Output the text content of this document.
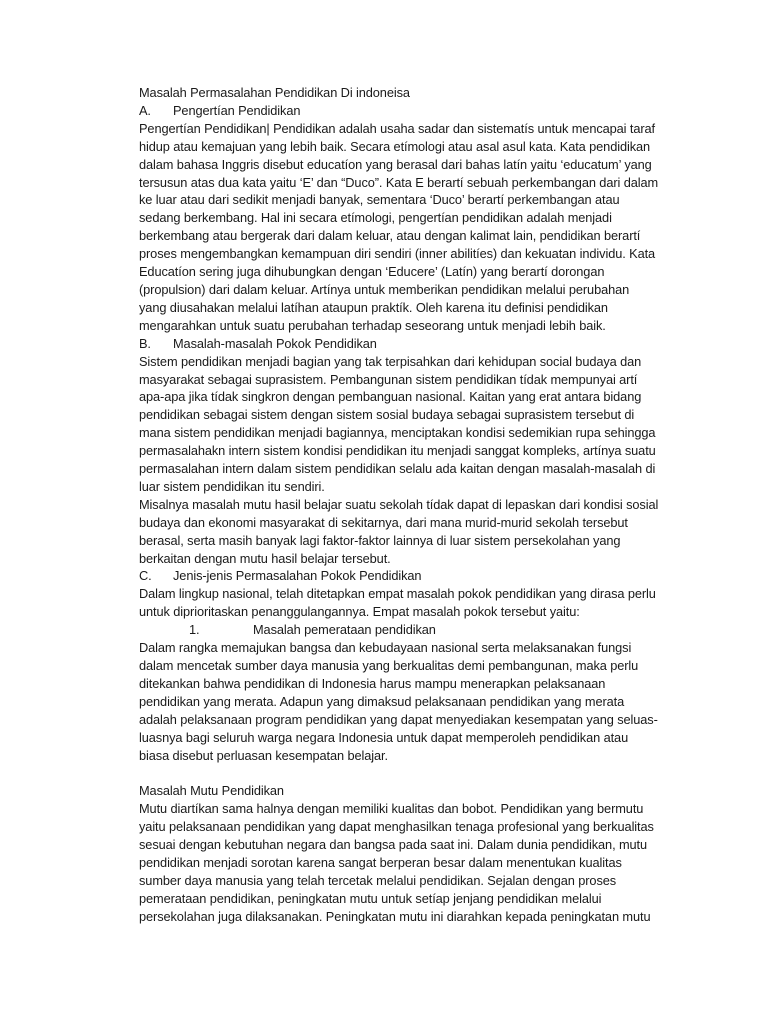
Masalah Permasalahan Pendidikan Di indoneisa

A. Pengertían Pendidikan

Pengertían Pendidikan| Pendidikan adalah usaha sadar dan sistematís untuk mencapai taraf

hidup atau kemajuan yang lebih baik. Secara etímologi atau asal asul kata. Kata pendidikan

dalam bahasa Inggris disebut educatíon yang berasal dari bahas latín yaitu ‘educatum’ yang

tersusun atas dua kata yaitu ‘E’ dan “Duco”. Kata E berartí sebuah perkembangan dari dalam

ke luar atau dari sedikit menjadi banyak, sementara ‘Duco’ berartí perkembangan atau

sedang berkembang. Hal ini secara etímologi, pengertían pendidikan adalah menjadi

berkembang atau bergerak dari dalam keluar, atau dengan kalimat lain, pendidikan berartí

proses mengembangkan kemampuan diri sendiri (inner abilitíes) dan kekuatan individu. Kata

Educatíon sering juga dihubungkan dengan ‘Educere’ (Latín) yang berartí dorongan

(propulsion) dari dalam keluar. Artínya untuk memberikan pendidikan melalui perubahan

yang diusahakan melalui latíhan ataupun praktík. Oleh karena itu definisi pendidikan

mengarahkan untuk suatu perubahan terhadap seseorang untuk menjadi lebih baik.

B. Masalah-masalah Pokok Pendidikan

Sistem pendidikan menjadi bagian yang tak terpisahkan dari kehidupan social budaya dan

masyarakat sebagai suprasistem. Pembangunan sistem pendidikan tídak mempunyai artí

apa-apa jika tídak singkron dengan pembanguan nasional. Kaitan yang erat antara bidang

pendidikan sebagai sistem dengan sistem sosial budaya sebagai suprasistem tersebut di

mana sistem pendidikan menjadi bagiannya, menciptakan kondisi sedemikian rupa sehingga

permasalahakn intern sistem kondisi pendidikan itu menjadi sanggat kompleks, artínya suatu

permasalahan intern dalam sistem pendidikan selalu ada kaitan dengan masalah-masalah di

luar sistem pendidikan itu sendiri.

Misalnya masalah mutu hasil belajar suatu sekolah tídak dapat di lepaskan dari kondisi sosial

budaya dan ekonomi masyarakat di sekitarnya, dari mana murid-murid sekolah tersebut

berasal, serta masih banyak lagi faktor-faktor lainnya di luar sistem persekolahan yang

berkaitan dengan mutu hasil belajar tersebut.

C. Jenis-jenis Permasalahan Pokok Pendidikan

Dalam lingkup nasional, telah ditetapkan empat masalah pokok pendidikan yang dirasa perlu

untuk diprioritaskan penanggulangannya. Empat masalah pokok tersebut yaitu:

1.	Masalah pemerataan pendidikan

Dalam rangka memajukan bangsa dan kebudayaan nasional serta melaksanakan fungsi

dalam mencetak sumber daya manusia yang berkualitas demi pembangunan, maka perlu

ditekankan bahwa pendidikan di Indonesia harus mampu menerapkan pelaksanaan

pendidikan yang merata. Adapun yang dimaksud pelaksanaan pendidikan yang merata

adalah pelaksanaan program pendidikan yang dapat menyediakan kesempatan yang seluas-

luasnya bagi seluruh warga negara Indonesia untuk dapat memperoleh pendidikan atau

biasa disebut perluasan kesempatan belajar.

Masalah Mutu Pendidikan

Mutu diartíkan sama halnya dengan memiliki kualitas dan bobot. Pendidikan yang bermutu

yaitu pelaksanaan pendidikan yang dapat menghasilkan tenaga profesional yang berkualitas

sesuai dengan kebutuhan negara dan bangsa pada saat ini. Dalam dunia pendidikan, mutu

pendidikan menjadi sorotan karena sangat berperan besar dalam menentukan kualitas

sumber daya manusia yang telah tercetak melalui pendidikan. Sejalan dengan proses

pemerataan pendidikan, peningkatan mutu untuk setíap jenjang pendidikan melalui

persekolahan juga dilaksanakan. Peningkatan mutu ini diarahkan kepada peningkatan mutu
